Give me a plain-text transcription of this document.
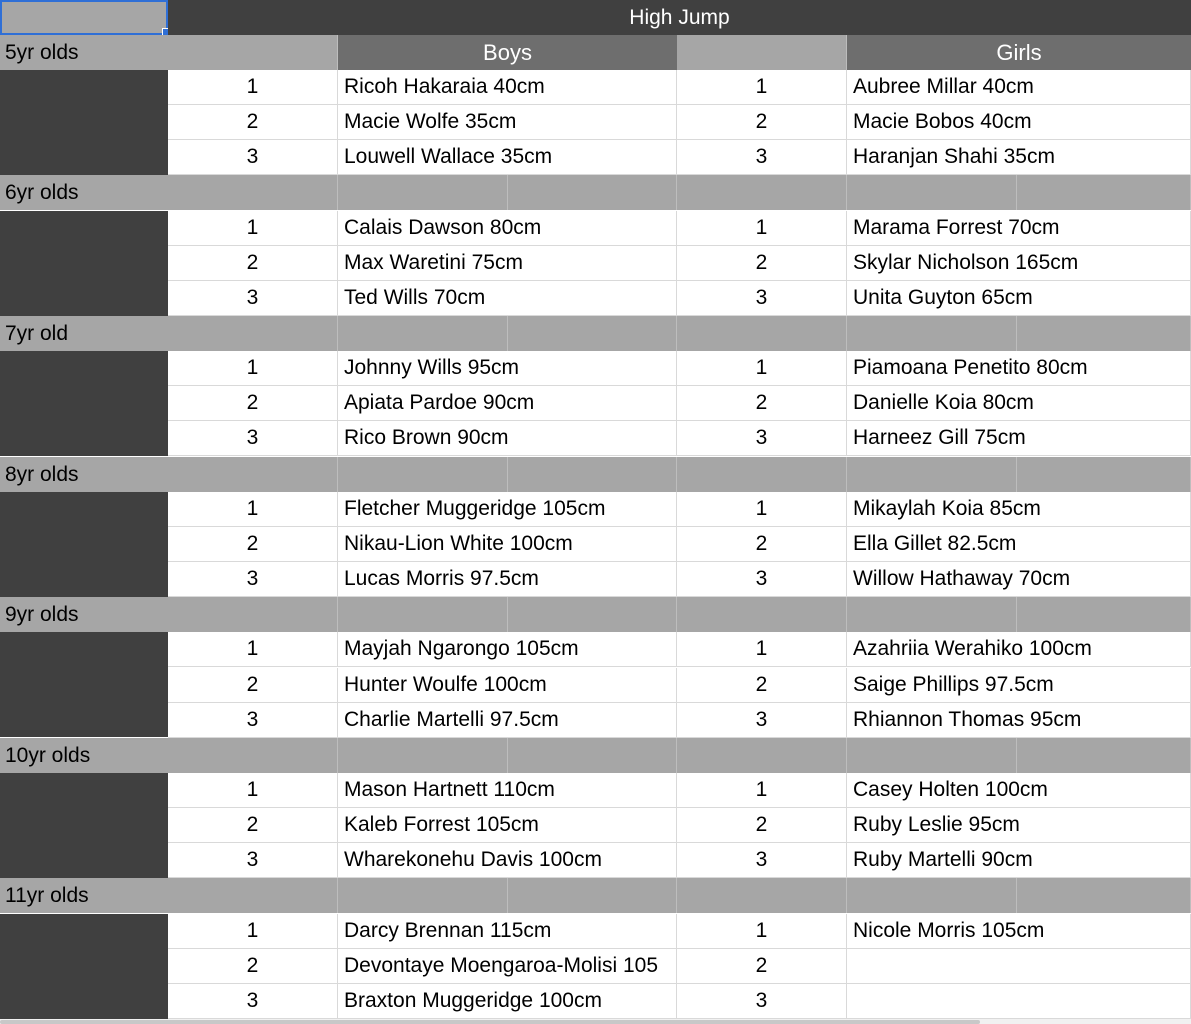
High Jump
5yr olds	Boys	Girls
1	Ricoh Hakaraia 40cm	1	Aubree Millar 40cm
2	Macie Wolfe 35cm	2	Macie Bobos 40cm
3	Louwell Wallace 35cm	3	Haranjan Shahi 35cm
6yr olds
1	Calais Dawson 80cm	1	Marama Forrest 70cm
2	Max Waretini 75cm	2	Skylar Nicholson 165cm
3	Ted Wills 70cm	3	Unita Guyton 65cm
7yr old
1	Johnny Wills 95cm	1	Piamoana Penetito 80cm
2	Apiata Pardoe 90cm	2	Danielle Koia 80cm
3	Rico Brown 90cm	3	Harneez Gill 75cm
8yr olds
1	Fletcher Muggeridge 105cm	1	Mikaylah Koia 85cm
2	Nikau-Lion White 100cm	2	Ella Gillet 82.5cm
3	Lucas Morris 97.5cm	3	Willow Hathaway 70cm
9yr olds
1	Mayjah Ngarongo 105cm	1	Azahriia Werahiko 100cm
2	Hunter Woulfe 100cm	2	Saige Phillips 97.5cm
3	Charlie Martelli 97.5cm	3	Rhiannon Thomas 95cm
10yr olds
1	Mason Hartnett 110cm	1	Casey Holten 100cm
2	Kaleb Forrest 105cm	2	Ruby Leslie 95cm
3	Wharekonehu Davis 100cm	3	Ruby Martelli 90cm
11yr olds
1	Darcy Brennan 115cm	1	Nicole Morris 105cm
2	Devontaye Moengaroa-Molisi 105	2
3	Braxton Muggeridge 100cm	3
